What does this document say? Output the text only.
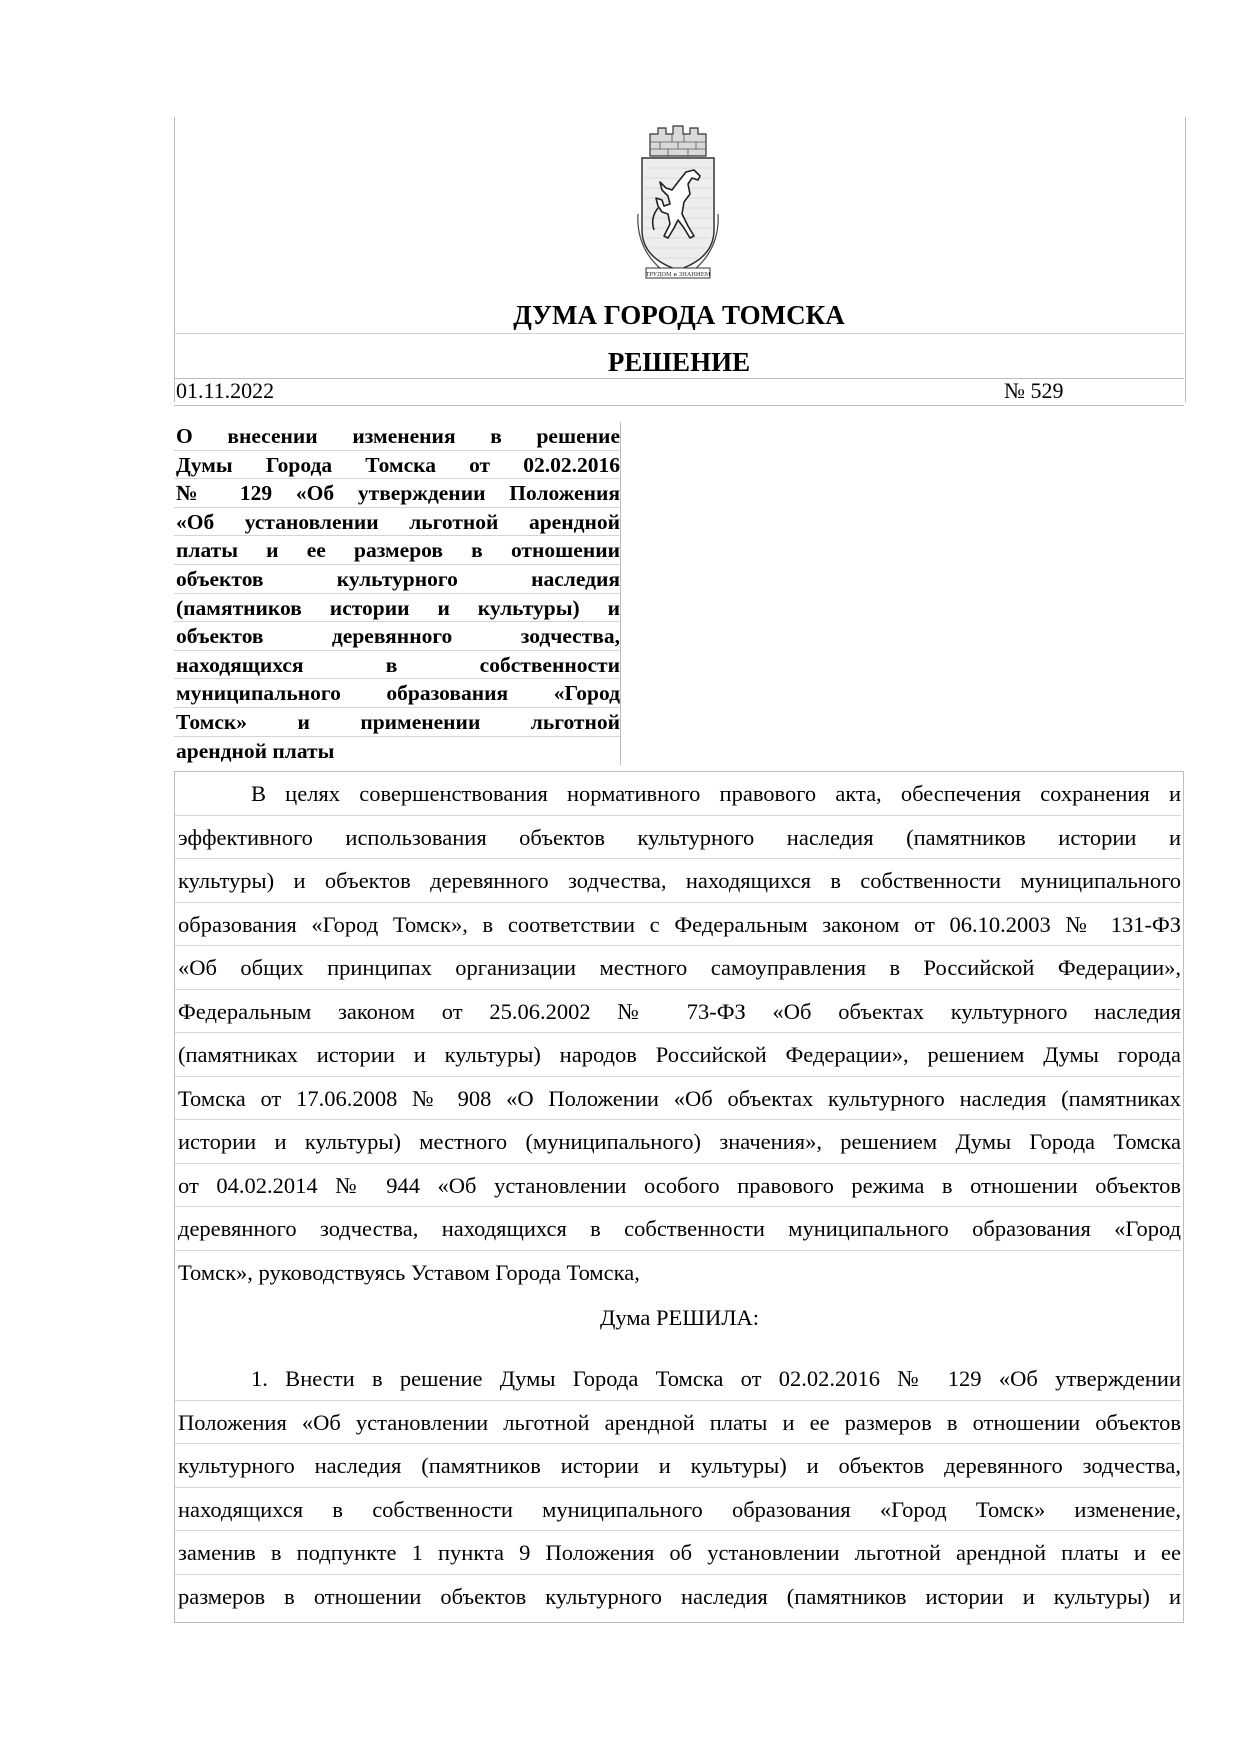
ТРУДОМ и ЗНАНИЕМ
ДУМА ГОРОДА ТОМСКА
РЕШЕНИЕ
01.11.2022	№ 529
О внесении изменения в решение
Думы Города Томска от 02.02.2016
№ 129 «Об утверждении Положения
«Об установлении льготной арендной
платы и ее размеров в отношении
объектов культурного наследия
(памятников истории и культуры) и
объектов деревянного зодчества,
находящихся в собственности
муниципального образования «Город
Томск» и применении льготной
арендной платы
В целях совершенствования нормативного правового акта, обеспечения сохранения и
эффективного использования объектов культурного наследия (памятников истории и
культуры) и объектов деревянного зодчества, находящихся в собственности муниципального
образования «Город Томск», в соответствии с Федеральным законом от 06.10.2003 № 131-ФЗ
«Об общих принципах организации местного самоуправления в Российской Федерации»,
Федеральным законом от 25.06.2002 № 73-ФЗ «Об объектах культурного наследия
(памятниках истории и культуры) народов Российской Федерации», решением Думы города
Томска от 17.06.2008 № 908 «О Положении «Об объектах культурного наследия (памятниках
истории и культуры) местного (муниципального) значения», решением Думы Города Томска
от 04.02.2014 № 944 «Об установлении особого правового режима в отношении объектов
деревянного зодчества, находящихся в собственности муниципального образования «Город
Томск», руководствуясь Уставом Города Томска,
Дума РЕШИЛА:
1. Внести в решение Думы Города Томска от 02.02.2016 № 129 «Об утверждении
Положения «Об установлении льготной арендной платы и ее размеров в отношении объектов
культурного наследия (памятников истории и культуры) и объектов деревянного зодчества,
находящихся в собственности муниципального образования «Город Томск» изменение,
заменив в подпункте 1 пункта 9 Положения об установлении льготной арендной платы и ее
размеров в отношении объектов культурного наследия (памятников истории и культуры) и
